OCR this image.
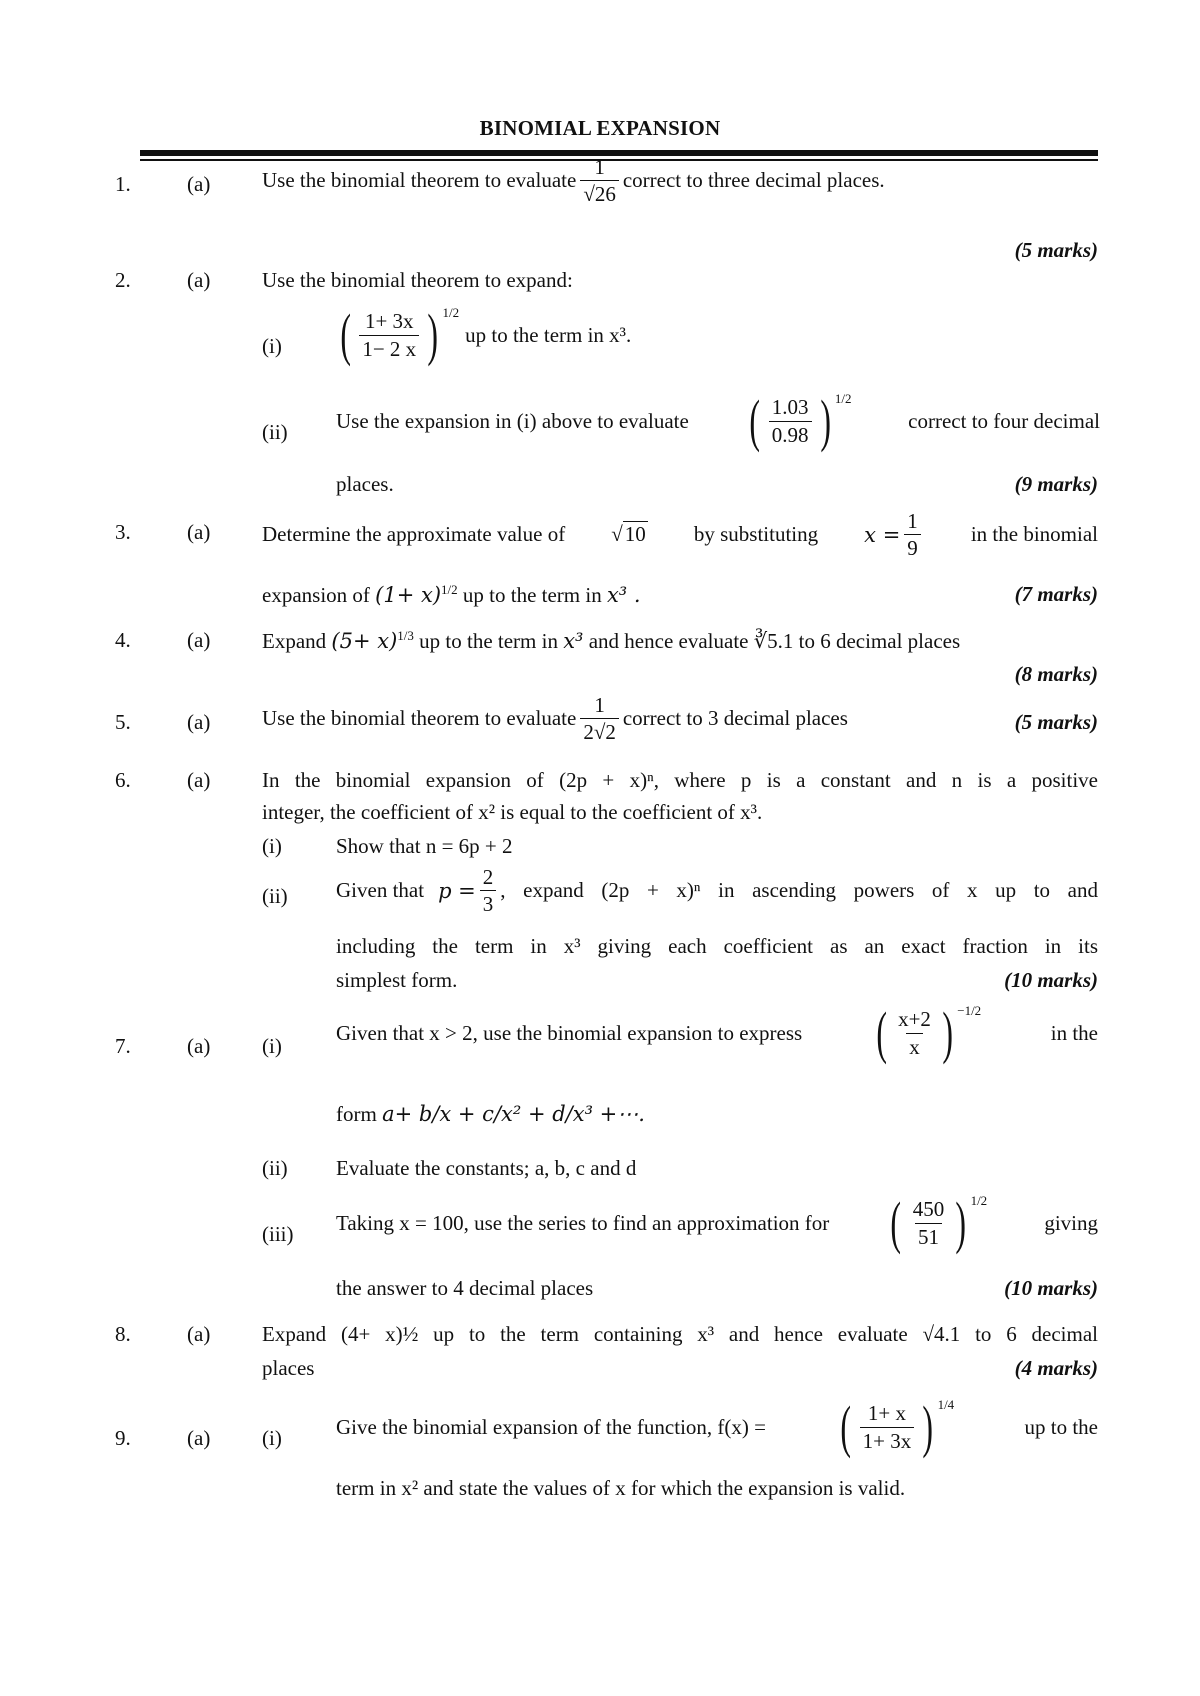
BINOMIAL EXPANSION
1.	(a) Use the binomial theorem to evaluate $\frac{1}{√26}$ correct to three decimal places.
(5 marks)
2.	(a) Use the binomial theorem to expand:
(i) ( $\frac{1+ 3x}{1- 2 x}$ ) 1/2
up to the term in x³.
(ii) Use the expansion in (i) above to evaluate ( $\frac{1.03}{0.98}$ ) 1/2
correct to four decimal
places.	(9 marks)
3.	(a) Determine the approximate value of √10 by substituting $x = \frac{1}{9}$ in the binomial
expansion of $(1+ x)^{1/2}$ up to the term in x³ .	(7 marks)
4.	(a) Expand $(5+ x)^{1/3}$ up to the term in x³ and hence evaluate ∛5.1 to 6 decimal places
(8 marks)
5.	(a) Use the binomial theorem to evaluate $\frac{1}{2√2}$ correct to 3 decimal places	(5 marks)
6.	(a) In the binomial expansion of (2p + x)ⁿ, where p is a constant and n is a positive
integer, the coefficient of x² is equal to the coefficient of x³.
(i)	Show that n = 6p + 2
(ii) Given that $p = \frac{2}{3}$ , expand (2p + x)ⁿ in ascending powers of x up to and
including the term in x³ giving each coefficient as an exact fraction in its
simplest form.	(10 marks)
7.	(a) (i)
Given that x > 2, use the binomial expansion to express ( $\frac{x+2}{x}$ ) −1/2
in the
form a+ b/x + c/x² + d/x³ +⋯.
(ii) Evaluate the constants; a, b, c and d
(iii) Taking x = 100, use the series to find an approximation for ( $\frac{450}{51}$ ) 1/2
giving
the answer to 4 decimal places	(10 marks)
8.	(a) Expand (4+ x)½ up to the term containing x³ and hence evaluate √4.1 to 6 decimal
places	(4 marks)
9.	(a) (i)	Give the binomial expansion of the function, f(x) = ( $\frac{1+ x}{1+ 3x}$ ) 1/4
up to the
term in x² and state the values of x for which the expansion is valid.
